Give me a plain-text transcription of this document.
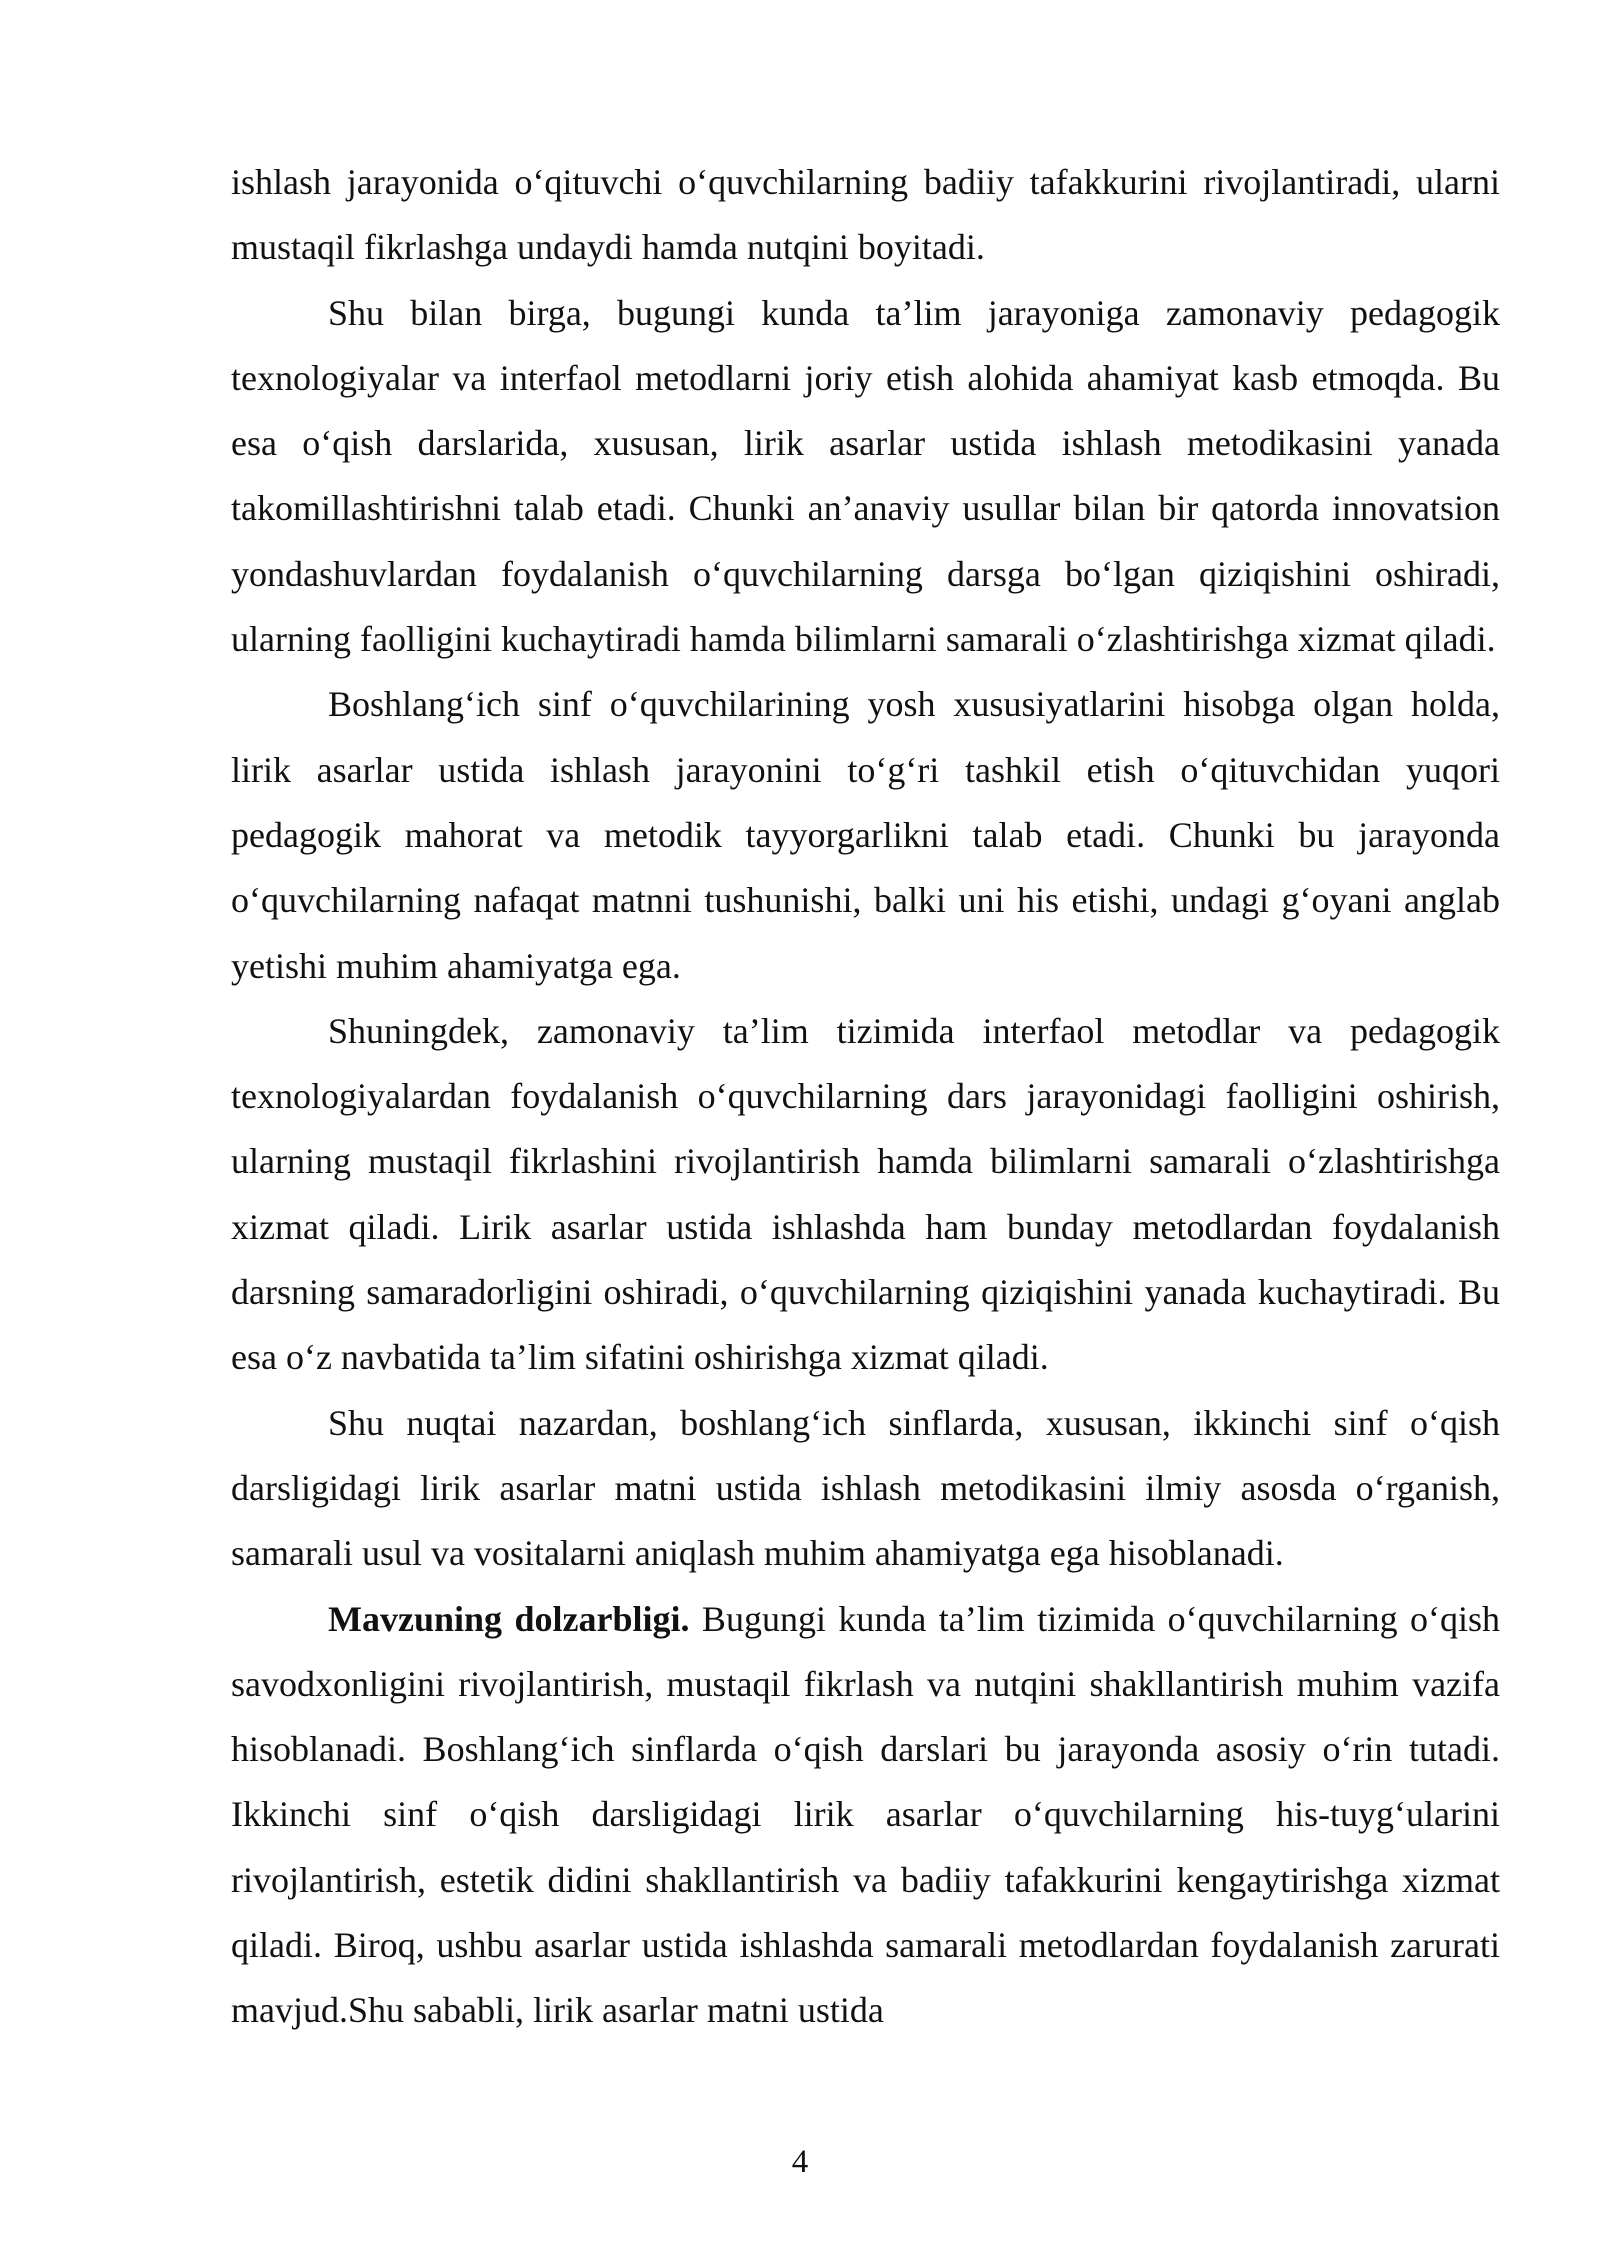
ishlash jarayonida o‘qituvchi o‘quvchilarning badiiy tafakkurini rivojlantiradi, ularni mustaqil fikrlashga undaydi hamda nutqini boyitadi.

Shu bilan birga, bugungi kunda ta’lim jarayoniga zamonaviy pedagogik texnologiyalar va interfaol metodlarni joriy etish alohida ahamiyat kasb etmoqda. Bu esa o‘qish darslarida, xususan, lirik asarlar ustida ishlash metodikasini yanada takomillashtirishni talab etadi. Chunki an’anaviy usullar bilan bir qatorda innovatsion yondashuvlardan foydalanish o‘quvchilarning darsga bo‘lgan qiziqishini oshiradi, ularning faolligini kuchaytiradi hamda bilimlarni samarali o‘zlashtirishga xizmat qiladi.

Boshlang‘ich sinf o‘quvchilarining yosh xususiyatlarini hisobga olgan holda, lirik asarlar ustida ishlash jarayonini to‘g‘ri tashkil etish o‘qituvchidan yuqori pedagogik mahorat va metodik tayyorgarlikni talab etadi. Chunki bu jarayonda o‘quvchilarning nafaqat matnni tushunishi, balki uni his etishi, undagi g‘oyani anglab yetishi muhim ahamiyatga ega.

Shuningdek, zamonaviy ta’lim tizimida interfaol metodlar va pedagogik texnologiyalardan foydalanish o‘quvchilarning dars jarayonidagi faolligini oshirish, ularning mustaqil fikrlashini rivojlantirish hamda bilimlarni samarali o‘zlashtirishga xizmat qiladi. Lirik asarlar ustida ishlashda ham bunday metodlardan foydalanish darsning samaradorligini oshiradi, o‘quvchilarning qiziqishini yanada kuchaytiradi. Bu esa o‘z navbatida ta’lim sifatini oshirishga xizmat qiladi.

Shu nuqtai nazardan, boshlang‘ich sinflarda, xususan, ikkinchi sinf o‘qish darsligidagi lirik asarlar matni ustida ishlash metodikasini ilmiy asosda o‘rganish, samarali usul va vositalarni aniqlash muhim ahamiyatga ega hisoblanadi.

Mavzuning dolzarbligi. Bugungi kunda ta’lim tizimida o‘quvchilarning o‘qish savodxonligini rivojlantirish, mustaqil fikrlash va nutqini shakllantirish muhim vazifa hisoblanadi. Boshlang‘ich sinflarda o‘qish darslari bu jarayonda asosiy o‘rin tutadi. Ikkinchi sinf o‘qish darsligidagi lirik asarlar o‘quvchilarning his-tuyg‘ularini rivojlantirish, estetik didini shakllantirish va badiiy tafakkurini kengaytirishga xizmat qiladi. Biroq, ushbu asarlar ustida ishlashda samarali metodlardan foydalanish zarurati mavjud.Shu sababli, lirik asarlar matni ustida

4
